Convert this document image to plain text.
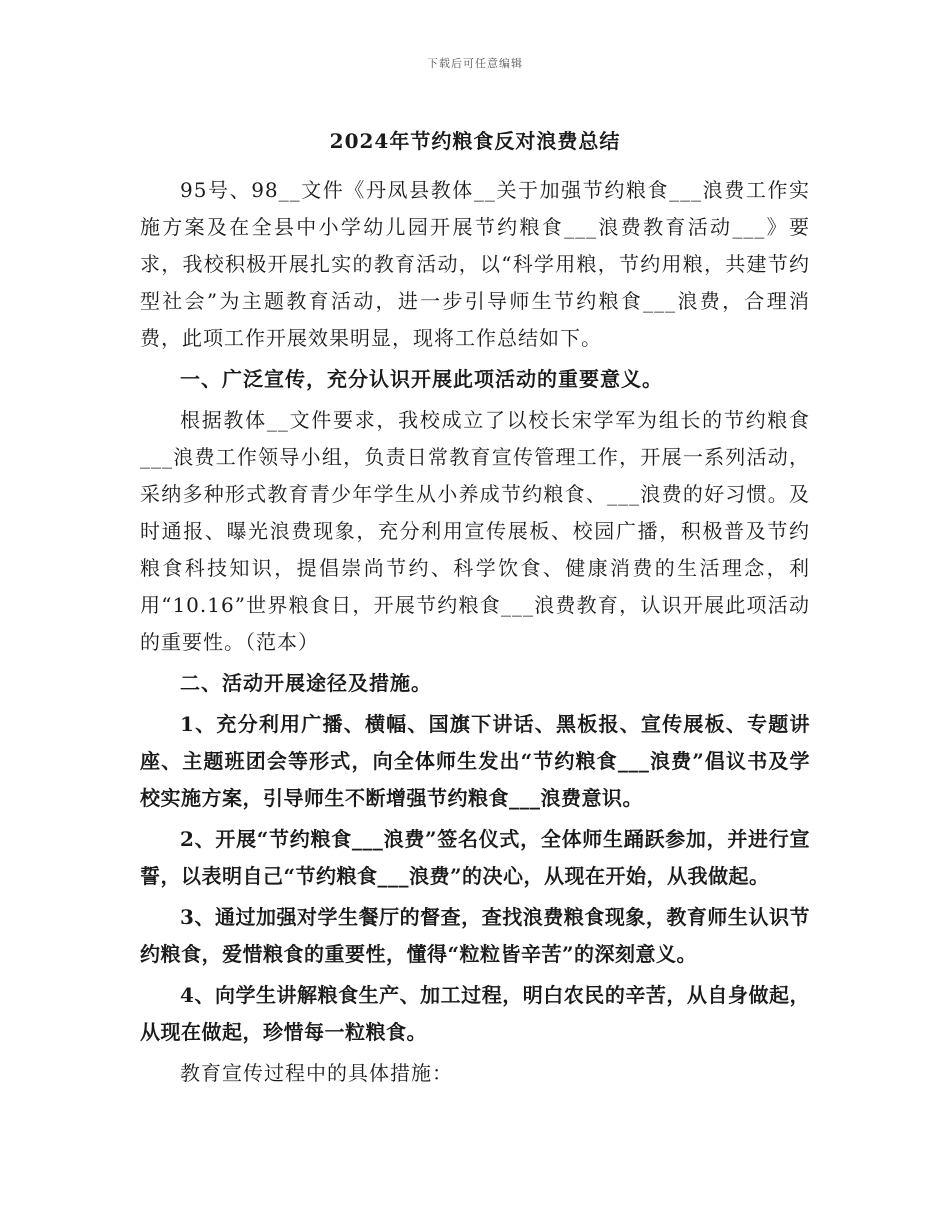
下载后可任意编辑
2024年节约粮食反对浪费总结

95号、98__文件《丹凤县教体__关于加强节约粮食___浪费工作实施方案及在全县中小学幼儿园开展节约粮食___浪费教育活动___》要求，我校积极开展扎实的教育活动，以“科学用粮，节约用粮，共建节约型社会”为主题教育活动，进一步引导师生节约粮食___浪费，合理消费，此项工作开展效果明显，现将工作总结如下。

一、广泛宣传，充分认识开展此项活动的重要意义。

根据教体__文件要求，我校成立了以校长宋学军为组长的节约粮食___浪费工作领导小组，负责日常教育宣传管理工作，开展一系列活动，采纳多种形式教育青少年学生从小养成节约粮食、___浪费的好习惯。及时通报、曝光浪费现象，充分利用宣传展板、校园广播，积极普及节约粮食科技知识，提倡崇尚节约、科学饮食、健康消费的生活理念，利用“10.16”世界粮食日，开展节约粮食___浪费教育，认识开展此项活动的重要性。（范本）

二、活动开展途径及措施。

1、充分利用广播、横幅、国旗下讲话、黑板报、宣传展板、专题讲座、主题班团会等形式，向全体师生发出“节约粮食___浪费”倡议书及学校实施方案，引导师生不断增强节约粮食___浪费意识。

2、开展“节约粮食___浪费”签名仪式，全体师生踊跃参加，并进行宣誓，以表明自己“节约粮食___浪费”的决心，从现在开始，从我做起。

3、通过加强对学生餐厅的督查，查找浪费粮食现象，教育师生认识节约粮食，爱惜粮食的重要性，懂得“粒粒皆辛苦”的深刻意义。

4、向学生讲解粮食生产、加工过程，明白农民的辛苦，从自身做起，从现在做起，珍惜每一粒粮食。

教育宣传过程中的具体措施：
